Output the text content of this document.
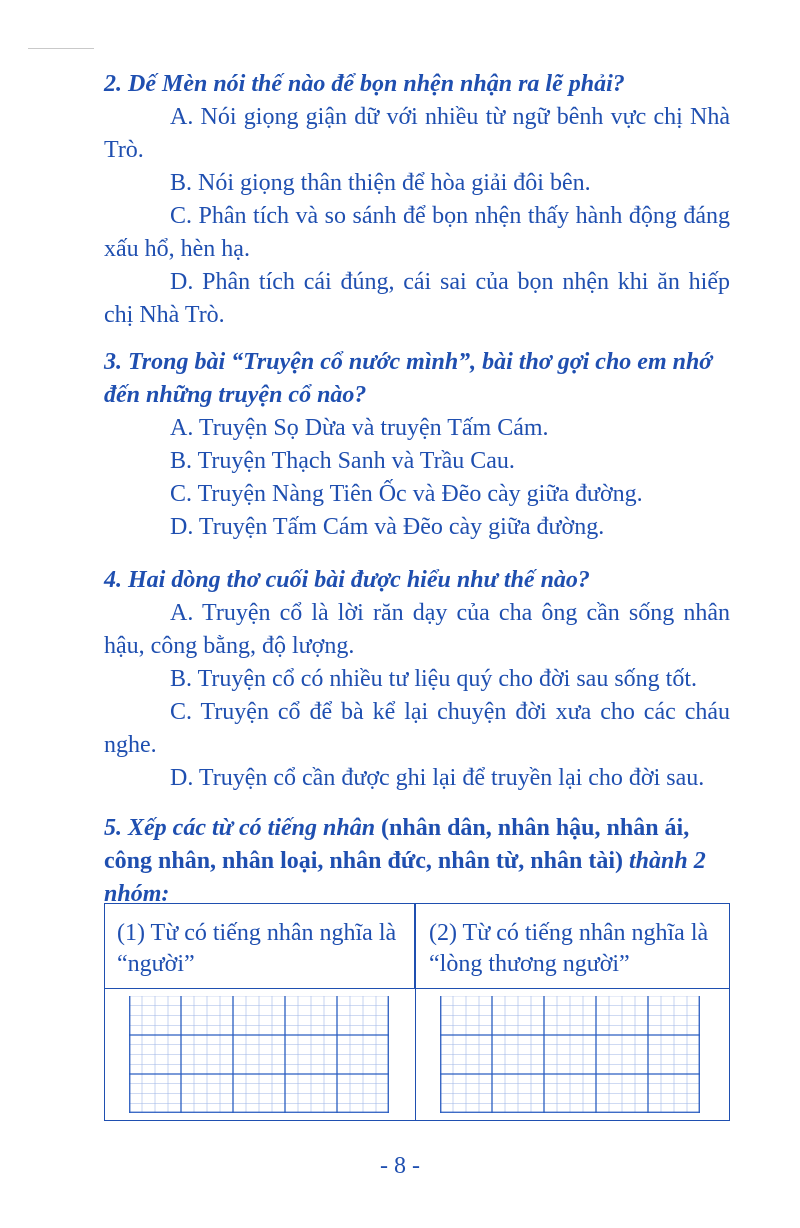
2. Dế Mèn nói thế nào để bọn nhện nhận ra lẽ phải?

A. Nói giọng giận dữ với nhiều từ ngữ bênh vực chị Nhà Trò.

B. Nói giọng thân thiện để hòa giải đôi bên.

C. Phân tích và so sánh để bọn nhện thấy hành động đáng xấu hổ, hèn hạ.

D. Phân tích cái đúng, cái sai của bọn nhện khi ăn hiếp chị Nhà Trò.

3. Trong bài “Truyện cổ nước mình”, bài thơ gợi cho em nhớ đến những truyện cổ nào?

A. Truyện Sọ Dừa và truyện Tấm Cám.

B. Truyện Thạch Sanh và Trầu Cau.

C. Truyện Nàng Tiên Ốc và Đẽo cày giữa đường.

D. Truyện Tấm Cám và Đẽo cày giữa đường.

4. Hai dòng thơ cuối bài được hiểu như thế nào?

A. Truyện cổ là lời răn dạy của cha ông cần sống nhân hậu, công bằng, độ lượng.

B. Truyện cổ có nhiều tư liệu quý cho đời sau sống tốt.

C. Truyện cổ để bà kể lại chuyện đời xưa cho các cháu nghe.

D. Truyện cổ cần được ghi lại để truyền lại cho đời sau.

5. Xếp các từ có tiếng nhân (nhân dân, nhân hậu, nhân ái, công nhân, nhân loại, nhân đức, nhân từ, nhân tài) thành 2 nhóm:

(1) Từ có tiếng nhân nghĩa là “người”
(2) Từ có tiếng nhân nghĩa là “lòng thương người”
- 8 -
